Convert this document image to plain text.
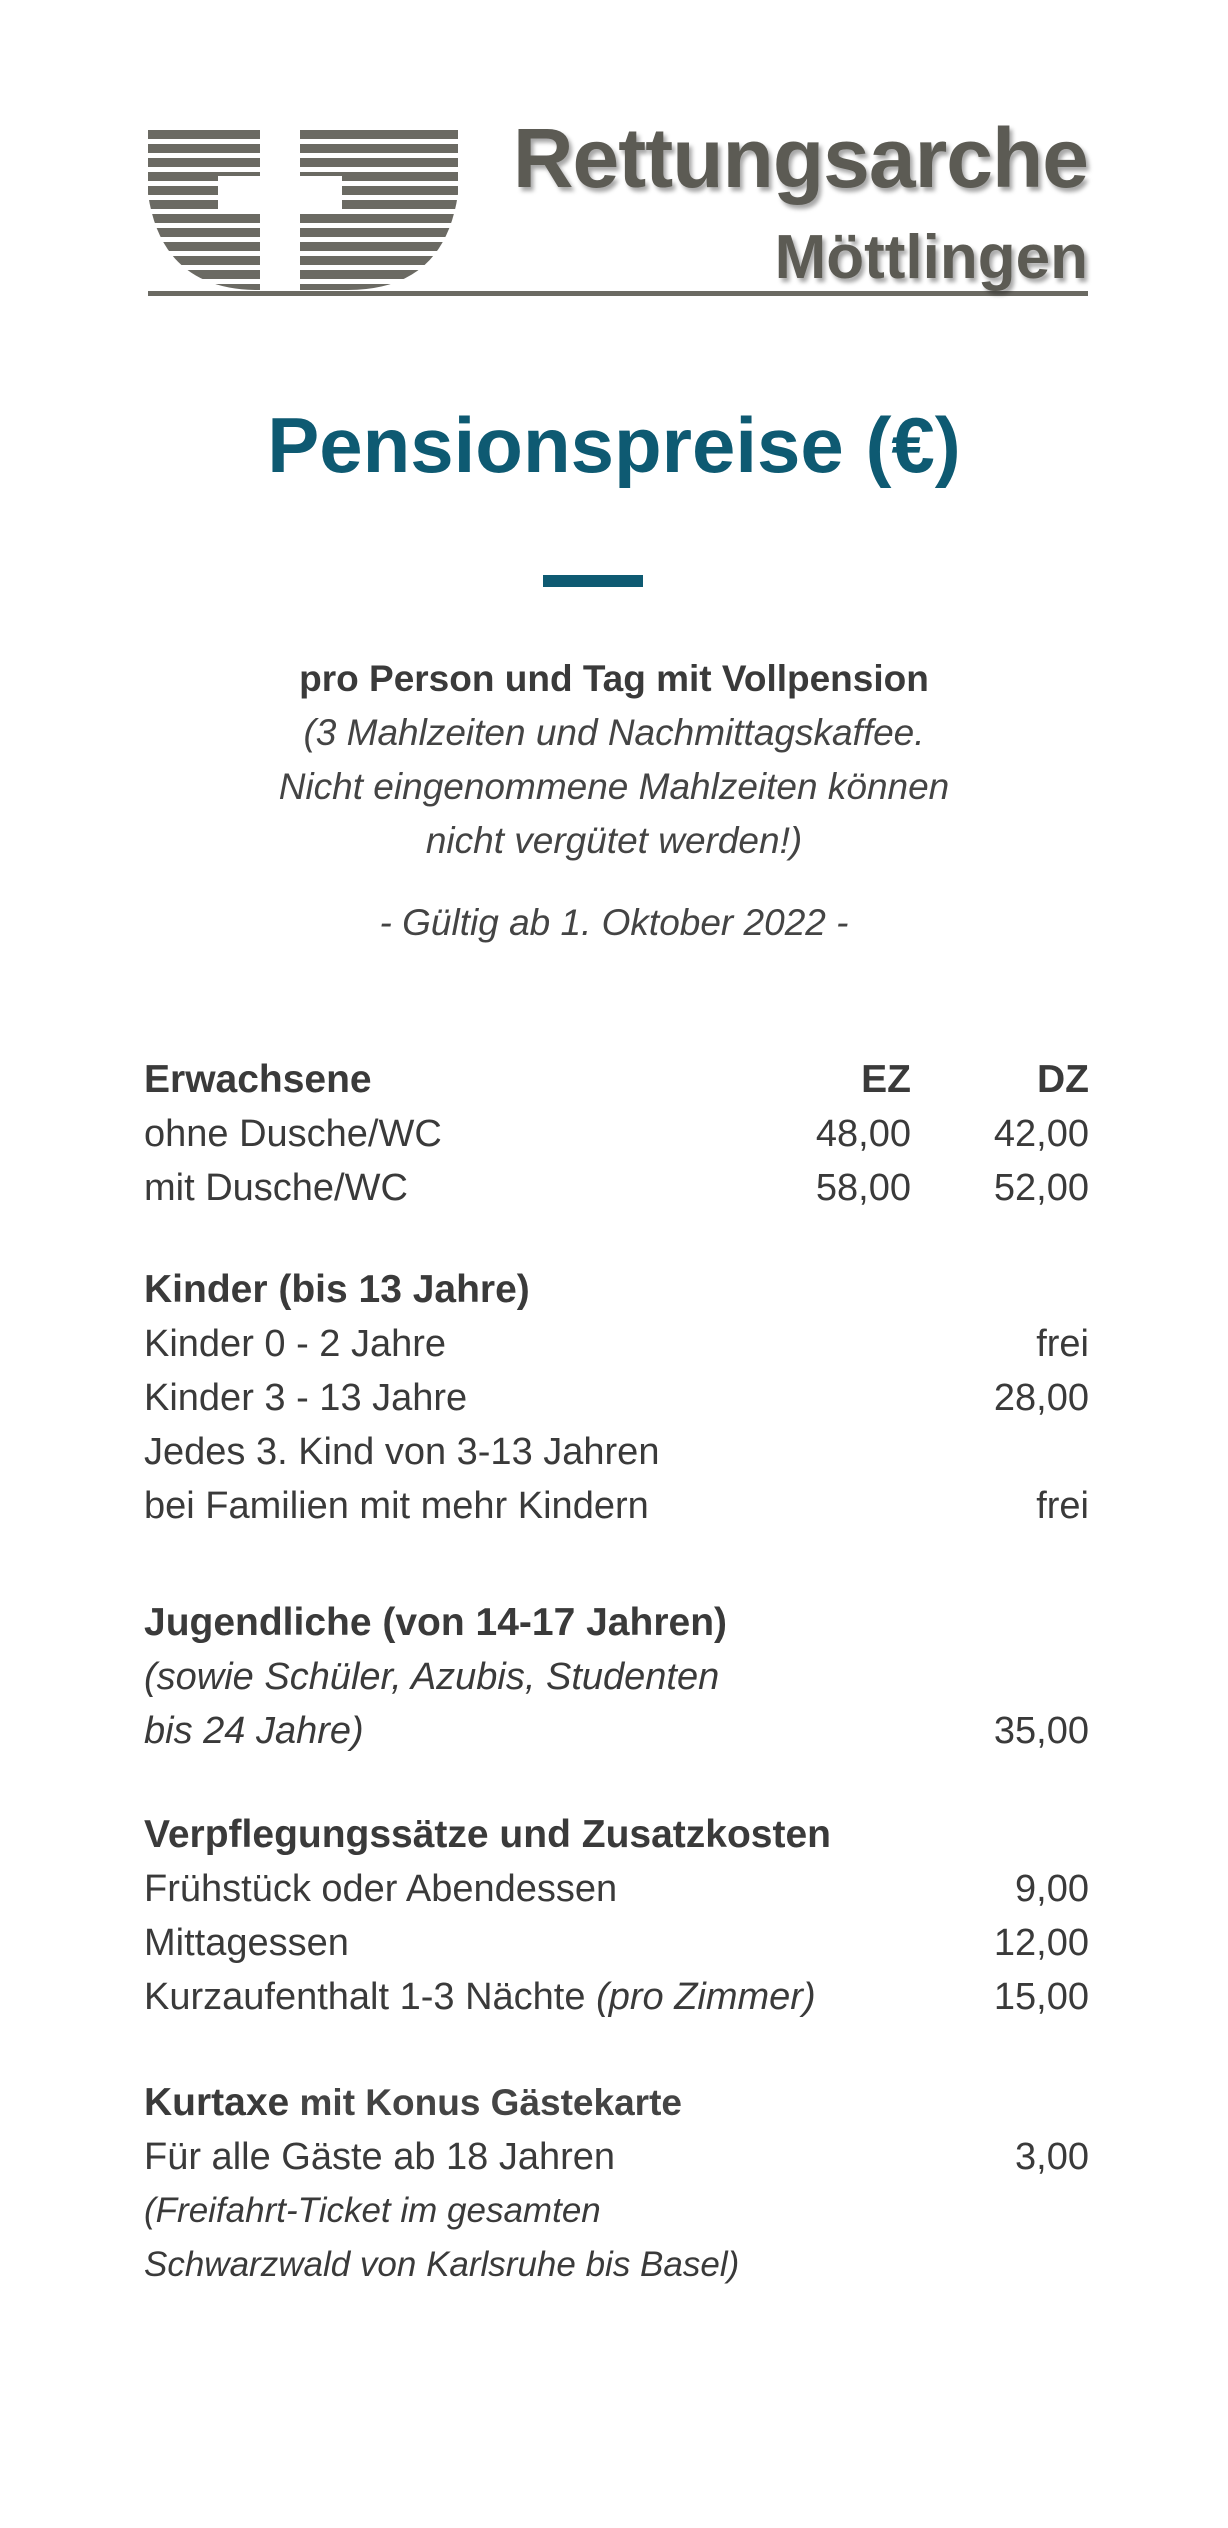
Rettungsarche
Möttlingen
Pensionspreise (€)
pro Person und Tag mit Vollpension
(3 Mahlzeiten und Nachmittagskaffee.
Nicht eingenommene Mahlzeiten können
nicht vergütet werden!)
- Gültig ab 1. Oktober 2022 -
Erwachsene	EZ	DZ
ohne Dusche/WC	48,00 42,00
mit Dusche/WC	58,00 52,00
Kinder (bis 13 Jahre)
Kinder 0 - 2 Jahre	frei
Kinder 3 - 13 Jahre	28,00
Jedes 3. Kind von 3-13 Jahren
bei Familien mit mehr Kindern	frei
Jugendliche (von 14-17 Jahren)
(sowie Schüler, Azubis, Studenten
bis 24 Jahre)	35,00
Verpflegungssätze und Zusatzkosten
Frühstück oder Abendessen	9,00
Mittagessen	12,00
Kurzaufenthalt 1-3 Nächte (pro Zimmer)	15,00
Kurtaxe mit Konus Gästekarte
Für alle Gäste ab 18 Jahren	3,00
(Freifahrt-Ticket im gesamten
Schwarzwald von Karlsruhe bis Basel)
